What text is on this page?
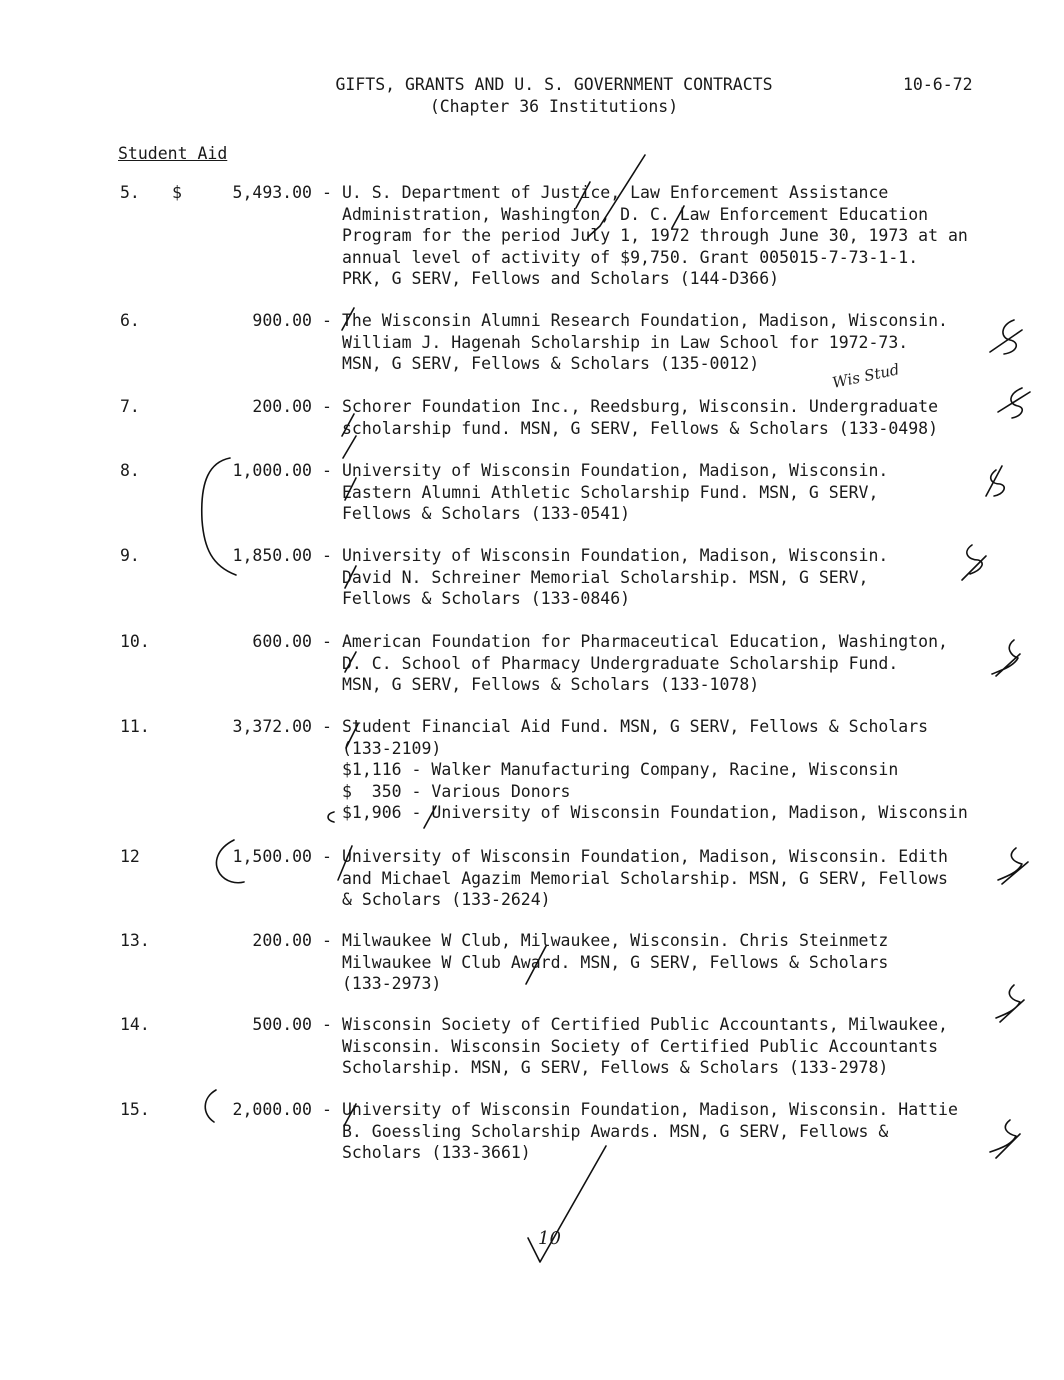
GIFTS, GRANTS AND U. S. GOVERNMENT CONTRACTS
(Chapter 36 Institutions)
10-6-72
Student Aid
$
5.	5,493.00 - U. S. Department of Justice, Law Enforcement Assistance
Administration, Washington, D. C. Law Enforcement Education
Program for the period July 1, 1972 through June 30, 1973 at an
annual level of activity of $9,750. Grant 005015-7-73-1-1.
PRK, G SERV, Fellows and Scholars (144-D366)
6.	900.00 - The Wisconsin Alumni Research Foundation, Madison, Wisconsin.
William J. Hagenah Scholarship in Law School for 1972-73.
MSN, G SERV, Fellows & Scholars (135-0012)
7.	200.00 - Schorer Foundation Inc., Reedsburg, Wisconsin. Undergraduate
scholarship fund. MSN, G SERV, Fellows & Scholars (133-0498)
8.	1,000.00 - University of Wisconsin Foundation, Madison, Wisconsin.
Eastern Alumni Athletic Scholarship Fund. MSN, G SERV,
Fellows & Scholars (133-0541)
9.	1,850.00 - University of Wisconsin Foundation, Madison, Wisconsin.
David N. Schreiner Memorial Scholarship. MSN, G SERV,
Fellows & Scholars (133-0846)
10.	600.00 - American Foundation for Pharmaceutical Education, Washington,
D. C. School of Pharmacy Undergraduate Scholarship Fund.
MSN, G SERV, Fellows & Scholars (133-1078)
11.	3,372.00 - Student Financial Aid Fund. MSN, G SERV, Fellows & Scholars
(133-2109)
$1,116 - Walker Manufacturing Company, Racine, Wisconsin
$  350 - Various Donors
$1,906 - University of Wisconsin Foundation, Madison, Wisconsin
12	1,500.00 - University of Wisconsin Foundation, Madison, Wisconsin. Edith
and Michael Agazim Memorial Scholarship. MSN, G SERV, Fellows
& Scholars (133-2624)
13.	200.00 - Milwaukee W Club, Milwaukee, Wisconsin. Chris Steinmetz
Milwaukee W Club Award. MSN, G SERV, Fellows & Scholars
(133-2973)
14.	500.00 - Wisconsin Society of Certified Public Accountants, Milwaukee,
Wisconsin. Wisconsin Society of Certified Public Accountants
Scholarship. MSN, G SERV, Fellows & Scholars (133-2978)
15.	2,000.00 - University of Wisconsin Foundation, Madison, Wisconsin. Hattie
B. Goessling Scholarship Awards. MSN, G SERV, Fellows &
Scholars (133-3661)
Wis Stud
10
